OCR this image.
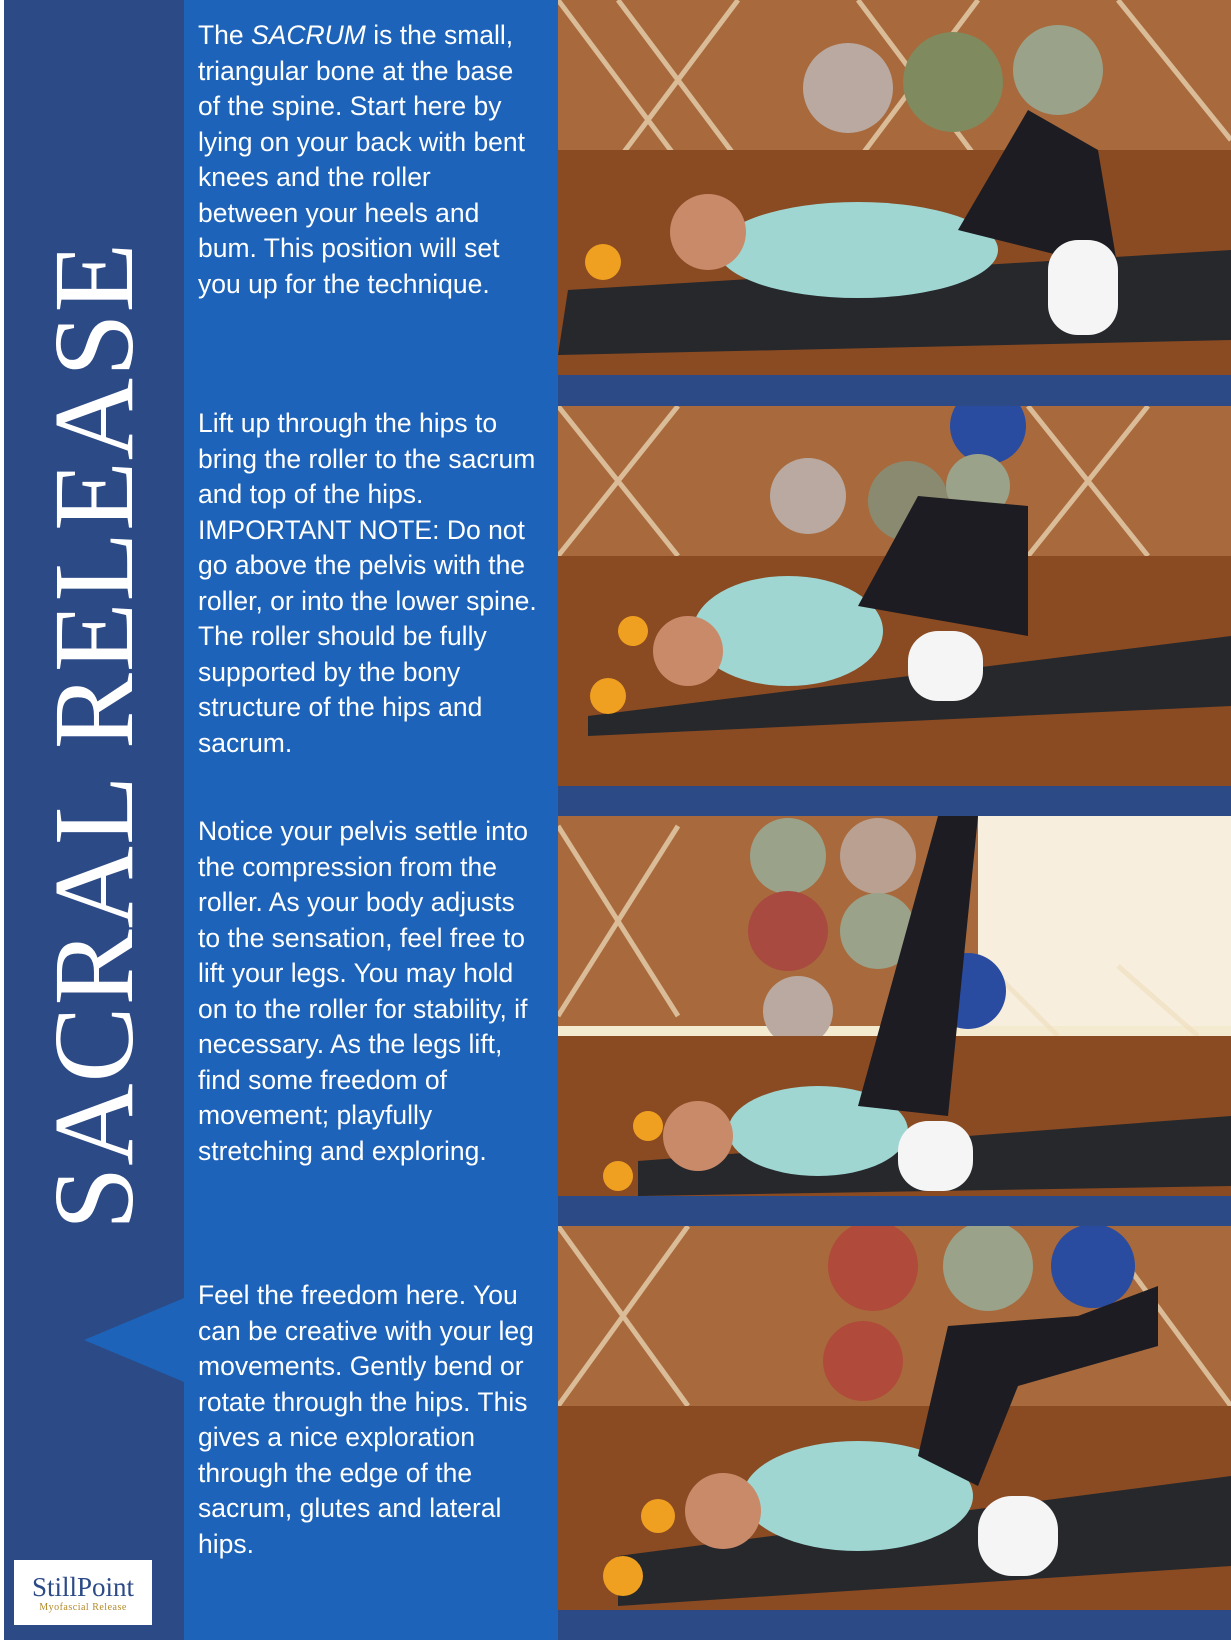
SACRAL RELEASE
The SACRUM is the small, triangular bone at the base of the spine. Start here by lying on your back with bent knees and the roller between your heels and bum. This position will set you up for the technique.
Lift up through the hips to bring the roller to the sacrum and top of the hips. IMPORTANT NOTE: Do not go above the pelvis with the roller, or into the lower spine. The roller should be fully supported by the bony structure of the hips and sacrum.
Notice your pelvis settle into the compression from the roller. As your body adjusts to the sensation, feel free to lift your legs. You may hold on to the roller for stability, if necessary. As the legs lift, find some freedom of movement; playfully stretching and exploring.
Feel the freedom here. You can be creative with your leg movements. Gently bend or rotate through the hips. This gives a nice exploration through the edge of the sacrum, glutes and lateral hips.
StillPoint
Myofascial Release
